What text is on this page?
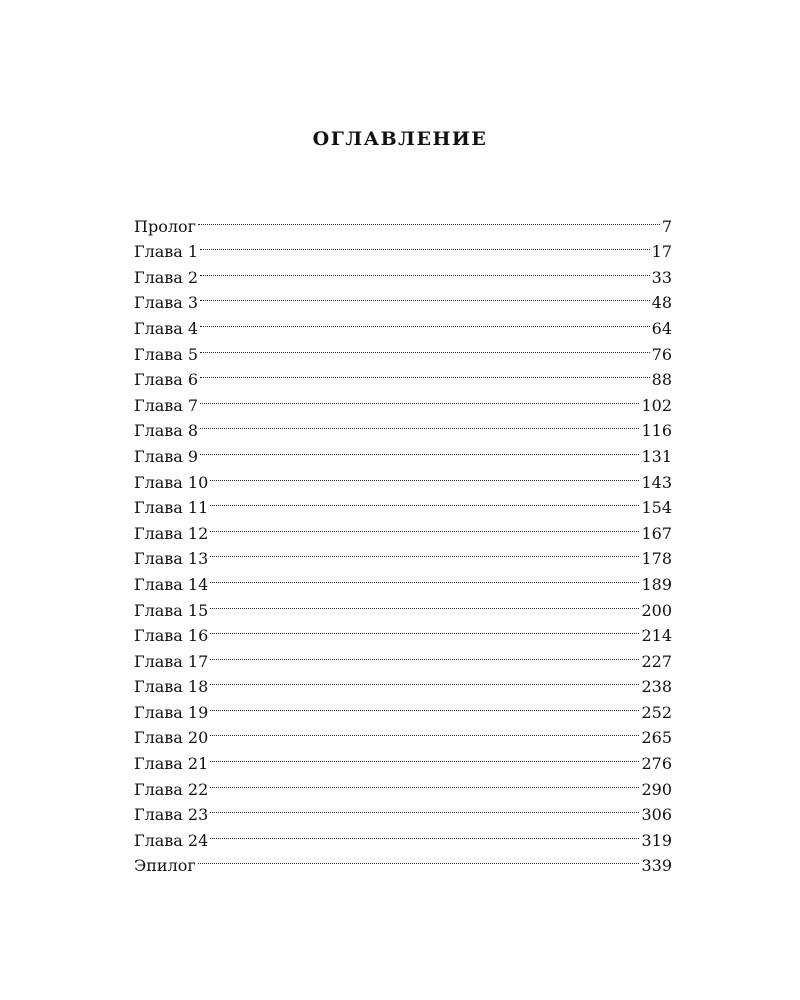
ОГЛАВЛЕНИЕ
Пролог	7
Глава 1	17
Глава 2	33
Глава 3	48
Глава 4	64
Глава 5	76
Глава 6	88
Глава 7	102
Глава 8	116
Глава 9	131
Глава 10	143
Глава 11	154
Глава 12	167
Глава 13	178
Глава 14	189
Глава 15	200
Глава 16	214
Глава 17	227
Глава 18	238
Глава 19	252
Глава 20	265
Глава 21	276
Глава 22	290
Глава 23	306
Глава 24	319
Эпилог	339
